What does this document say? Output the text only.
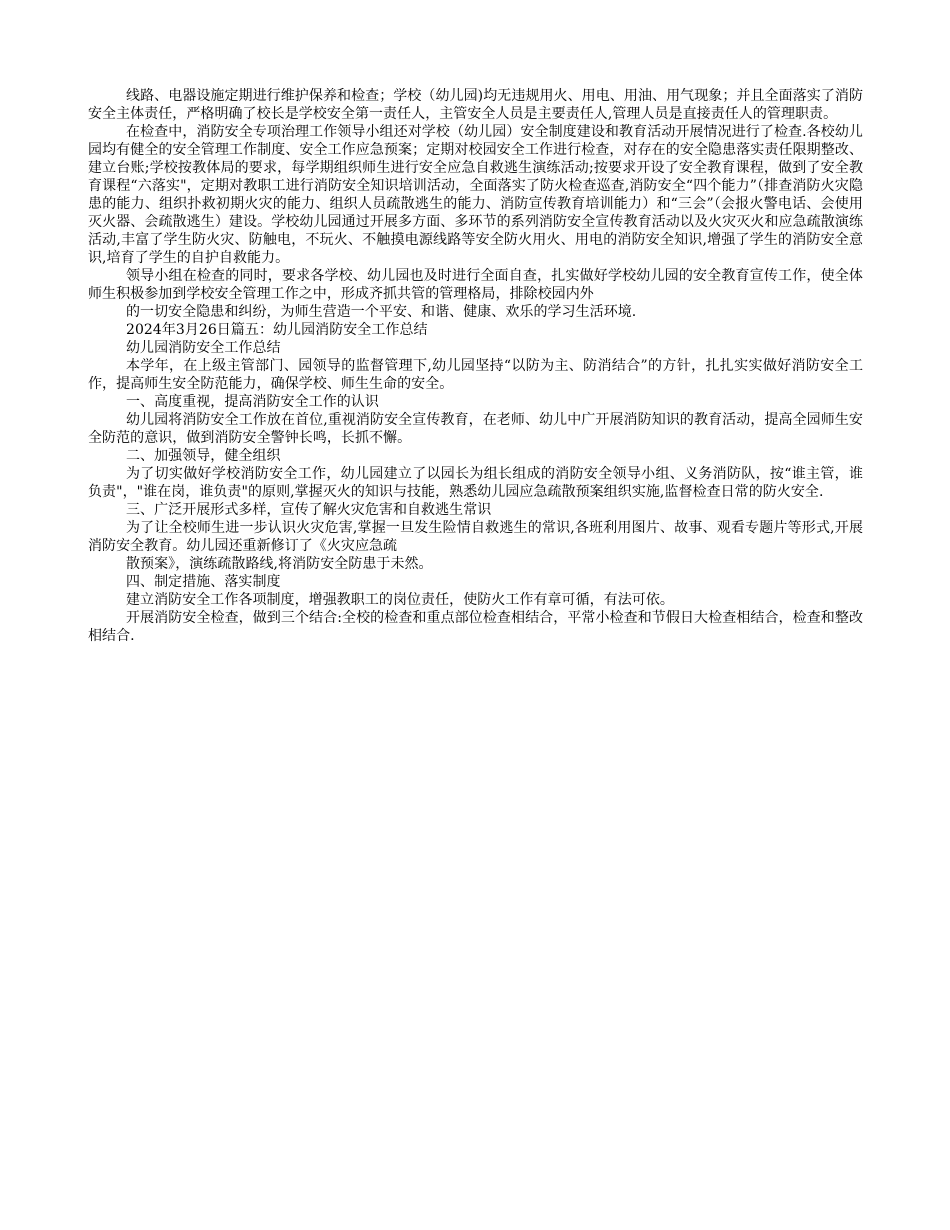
线路、电器设施定期进行维护保养和检查；学校（幼儿园)均无违规用火、用电、用油、用气现象；并且全面落实了消防安全主体责任，严格明确了校长是学校安全第一责任人，主管安全人员是主要责任人,管理人员是直接责任人的管理职责。

在检查中，消防安全专项治理工作领导小组还对学校（幼儿园）安全制度建设和教育活动开展情况进行了检查.各校幼儿园均有健全的安全管理工作制度、安全工作应急预案；定期对校园安全工作进行检查，对存在的安全隐患落实责任限期整改、建立台账;学校按教体局的要求，每学期组织师生进行安全应急自救逃生演练活动;按要求开设了安全教育课程，做到了安全教育课程“六落实"，定期对教职工进行消防安全知识培训活动，全面落实了防火检查巡查,消防安全“四个能力”（排查消防火灾隐患的能力、组织扑救初期火灾的能力、组织人员疏散逃生的能力、消防宣传教育培训能力）和“三会”（会报火警电话、会使用灭火器、会疏散逃生）建设。学校幼儿园通过开展多方面、多环节的系列消防安全宣传教育活动以及火灾灭火和应急疏散演练活动,丰富了学生防火灾、防触电，不玩火、不触摸电源线路等安全防火用火、用电的消防安全知识,增强了学生的消防安全意识,培育了学生的自护自救能力。

领导小组在检查的同时，要求各学校、幼儿园也及时进行全面自查，扎实做好学校幼儿园的安全教育宣传工作，使全体师生积极参加到学校安全管理工作之中，形成齐抓共管的管理格局，排除校园内外

的一切安全隐患和纠纷，为师生营造一个平安、和谐、健康、欢乐的学习生活环境.

2024年3月26日篇五：幼儿园消防安全工作总结

幼儿园消防安全工作总结

本学年，在上级主管部门、园领导的监督管理下,幼儿园坚持“以防为主、防消结合”的方针，扎扎实实做好消防安全工作，提高师生安全防范能力，确保学校、师生生命的安全。

一、高度重视，提高消防安全工作的认识

幼儿园将消防安全工作放在首位,重视消防安全宣传教育，在老师、幼儿中广开展消防知识的教育活动，提高全园师生安全防范的意识，做到消防安全警钟长鸣，长抓不懈。

二、加强领导，健全组织

为了切实做好学校消防安全工作，幼儿园建立了以园长为组长组成的消防安全领导小组、义务消防队，按“谁主管，谁负责"，"谁在岗，谁负责"的原则,掌握灭火的知识与技能，熟悉幼儿园应急疏散预案组织实施,监督检查日常的防火安全.

三、广泛开展形式多样，宣传了解火灾危害和自救逃生常识

为了让全校师生进一步认识火灾危害,掌握一旦发生险情自救逃生的常识,各班利用图片、故事、观看专题片等形式,开展消防安全教育。幼儿园还重新修订了《火灾应急疏

散预案》，演练疏散路线,将消防安全防患于未然。

四、制定措施、落实制度

建立消防安全工作各项制度，增强教职工的岗位责任，使防火工作有章可循，有法可依。

开展消防安全检查，做到三个结合:全校的检查和重点部位检查相结合，平常小检查和节假日大检查相结合，检查和整改相结合.
